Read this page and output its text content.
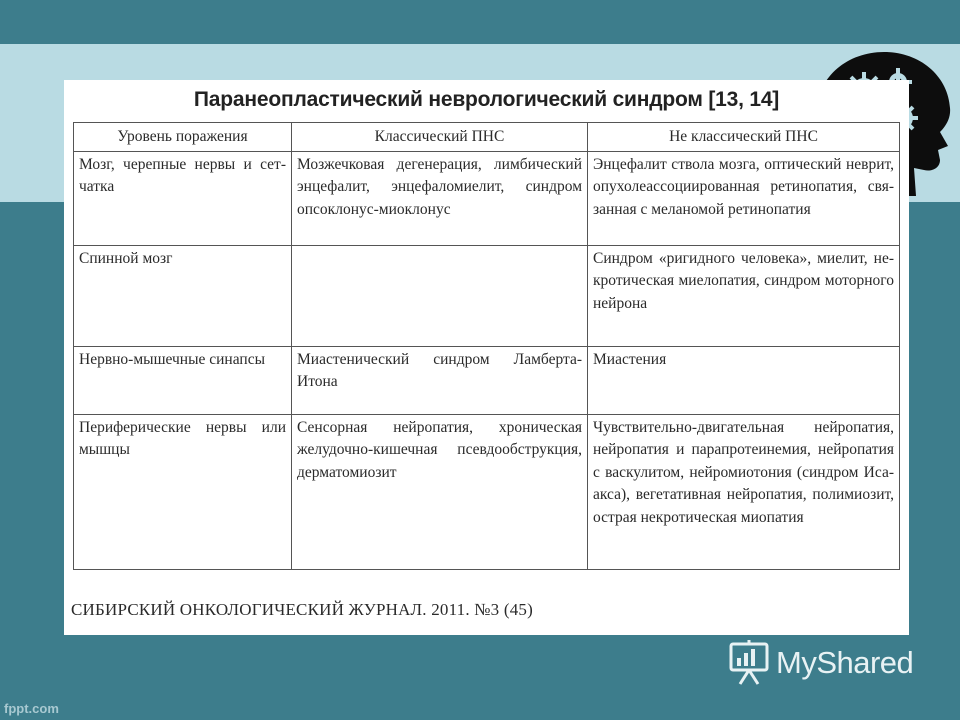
Паранеопластический неврологический синдром [13, 14]
Уровень поражения	Классический ПНС	Не классический ПНС
Мозг, черепные нервы и сет-чатка	Мозжечковая дегенерация, лимбический энцефалит, энцефаломиелит, синдром опсоклонус-миоклонус	Энцефалит ствола мозга, оптический неврит, опухолеассоциированная ретинопатия, свя-занная с меланомой ретинопатия
Спинной мозг		Синдром «ригидного человека», миелит, не-кротическая миелопатия, синдром моторного нейрона
Нервно-мышечные синапсы	Миастенический синдром Ламберта-Итона	Миастения
Периферические нервы или мышцы	Сенсорная нейропатия, хроническая желудочно-кишечная псевдообструкция, дерматомиозит	Чувствительно-двигательная нейропатия, нейропатия и парапротеинемия, нейропатия с васкулитом, нейромиотония (синдром Иса-акса), вегетативная нейропатия, полимиозит, острая некротическая миопатия
СИБИРСКИЙ ОНКОЛОГИЧЕСКИЙ ЖУРНАЛ. 2011. №3 (45)
MyShared
fppt.com
